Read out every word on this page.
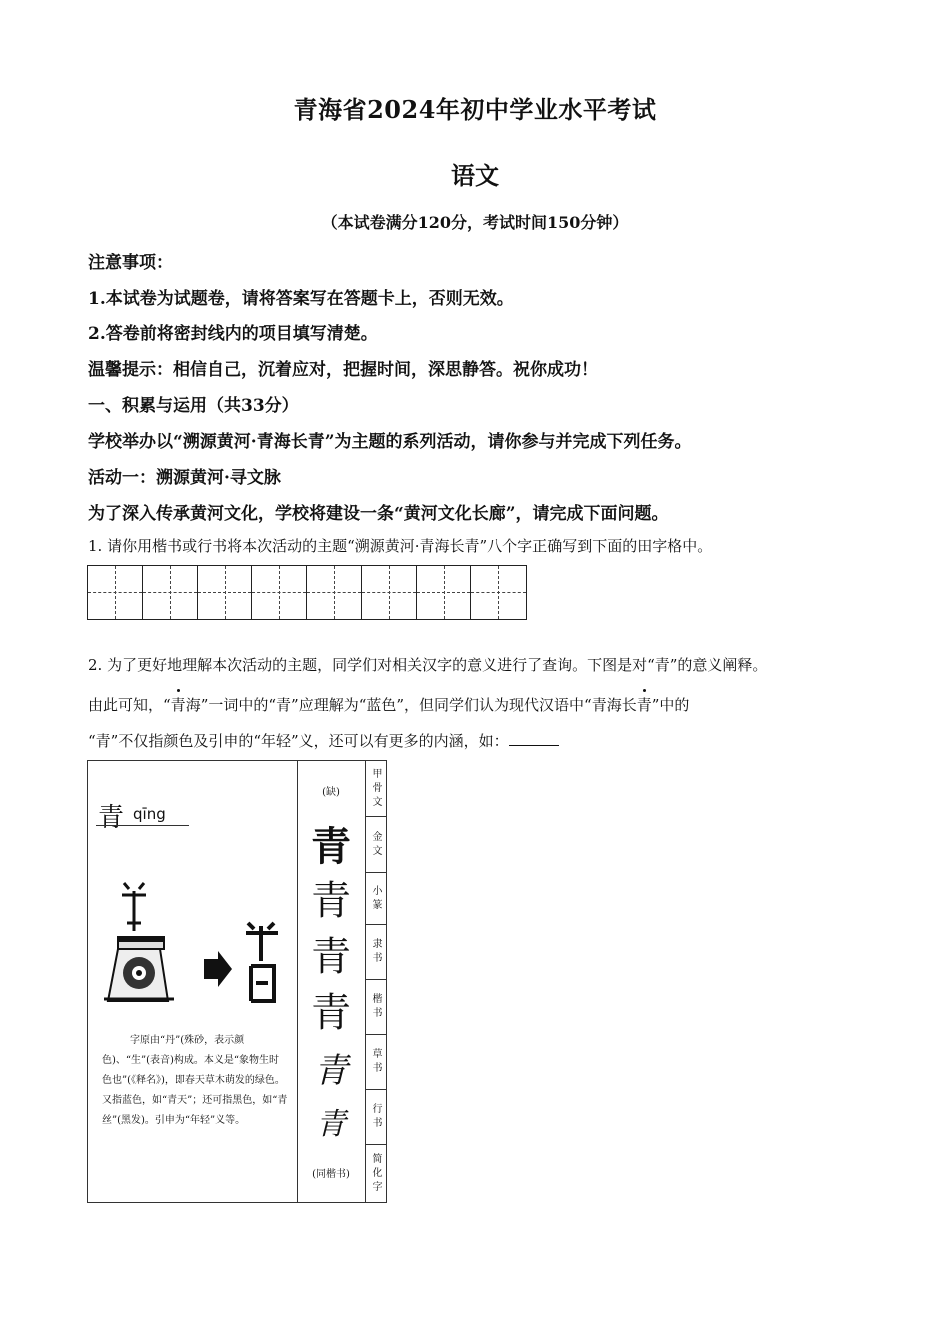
青海省2024年初中学业水平考试
语文
（本试卷满分120分，考试时间150分钟）
注意事项：
1.本试卷为试题卷，请将答案写在答题卡上，否则无效。
2.答卷前将密封线内的项目填写清楚。
温馨提示：相信自己，沉着应对，把握时间，深思静答。祝你成功！
一、积累与运用（共33分）
学校举办以“溯源黄河·青海长青”为主题的系列活动，请你参与并完成下列任务。
活动一：溯源黄河·寻文脉
为了深入传承黄河文化，学校将建设一条“黄河文化长廊”，请完成下面问题。
1. 请你用楷书或行书将本次活动的主题“溯源黄河·青海长青”八个字正确写到下面的田字格中。
2. 为了更好地理解本次活动的主题，同学们对相关汉字的意义进行了查询。下图是对“青”的意义阐释。
由此可知，“青海”一词中的“青”应理解为“蓝色”，但同学们认为现代汉语中“青海长青”中的
“青”不仅指颜色及引申的“年轻”义，还可以有更多的内涵，如：
青 qīng
字原由“丹”(殊砂，表示颜色)、“生”(表音)构成。本义是“象物生时色也”(《释名》)，即春天草木萌发的绿色。又指蓝色，如“青天”；还可指黑色，如“青丝”(黑发)。引申为“年轻”义等。
(缺)
青
青
青
青
青
青
(同楷书)
甲骨文
金文
小篆
隶书
楷书
草书
行书
简化字
